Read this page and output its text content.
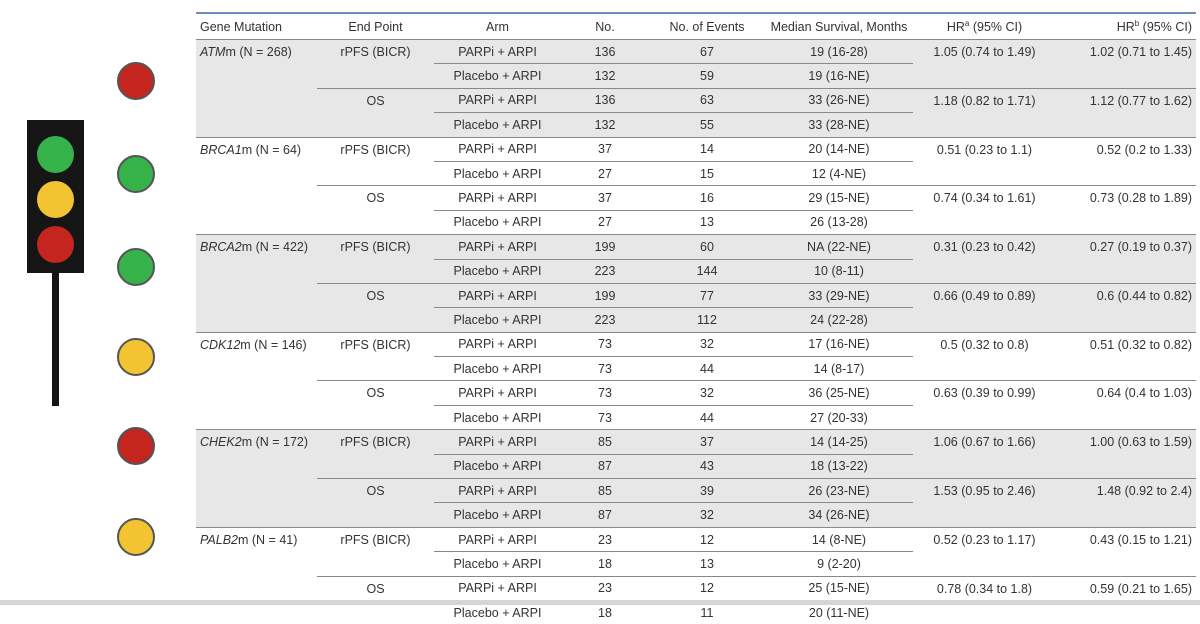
Gene Mutation	End Point	Arm	No.	No. of Events	Median Survival, Months	$HR^a$ (95% CI)	$HR^b$ (95% CI)
ATMm (N = 268)	rPFS (BICR)	PARPi + ARPI	136	67	19 (16-28)	1.05 (0.74 to 1.49)	1.02 (0.71 to 1.45)
		Placebo + ARPI	132	59	19 (16-NE)		
	OS	PARPi + ARPI	136	63	33 (26-NE)	1.18 (0.82 to 1.71)	1.12 (0.77 to 1.62)
		Placebo + ARPI	132	55	33 (28-NE)		
BRCA1m (N = 64)	rPFS (BICR)	PARPi + ARPI	37	14	20 (14-NE)	0.51 (0.23 to 1.1)	0.52 (0.2 to 1.33)
		Placebo + ARPI	27	15	12 (4-NE)		
	OS	PARPi + ARPI	37	16	29 (15-NE)	0.74 (0.34 to 1.61)	0.73 (0.28 to 1.89)
		Placebo + ARPI	27	13	26 (13-28)		
BRCA2m (N = 422)	rPFS (BICR)	PARPi + ARPI	199	60	NA (22-NE)	0.31 (0.23 to 0.42)	0.27 (0.19 to 0.37)
		Placebo + ARPI	223	144	10 (8-11)		
	OS	PARPi + ARPI	199	77	33 (29-NE)	0.66 (0.49 to 0.89)	0.6 (0.44 to 0.82)
		Placebo + ARPI	223	112	24 (22-28)		
CDK12m (N = 146)	rPFS (BICR)	PARPi + ARPI	73	32	17 (16-NE)	0.5 (0.32 to 0.8)	0.51 (0.32 to 0.82)
		Placebo + ARPI	73	44	14 (8-17)		
	OS	PARPi + ARPI	73	32	36 (25-NE)	0.63 (0.39 to 0.99)	0.64 (0.4 to 1.03)
		Placebo + ARPI	73	44	27 (20-33)		
CHEK2m (N = 172)	rPFS (BICR)	PARPi + ARPI	85	37	14 (14-25)	1.06 (0.67 to 1.66)	1.00 (0.63 to 1.59)
		Placebo + ARPI	87	43	18 (13-22)		
	OS	PARPi + ARPI	85	39	26 (23-NE)	1.53 (0.95 to 2.46)	1.48 (0.92 to 2.4)
		Placebo + ARPI	87	32	34 (26-NE)		
PALB2m (N = 41)	rPFS (BICR)	PARPi + ARPI	23	12	14 (8-NE)	0.52 (0.23 to 1.17)	0.43 (0.15 to 1.21)
		Placebo + ARPI	18	13	9 (2-20)		
	OS	PARPi + ARPI	23	12	25 (15-NE)	0.78 (0.34 to 1.8)	0.59 (0.21 to 1.65)
		Placebo + ARPI	18	11	20 (11-NE)		
